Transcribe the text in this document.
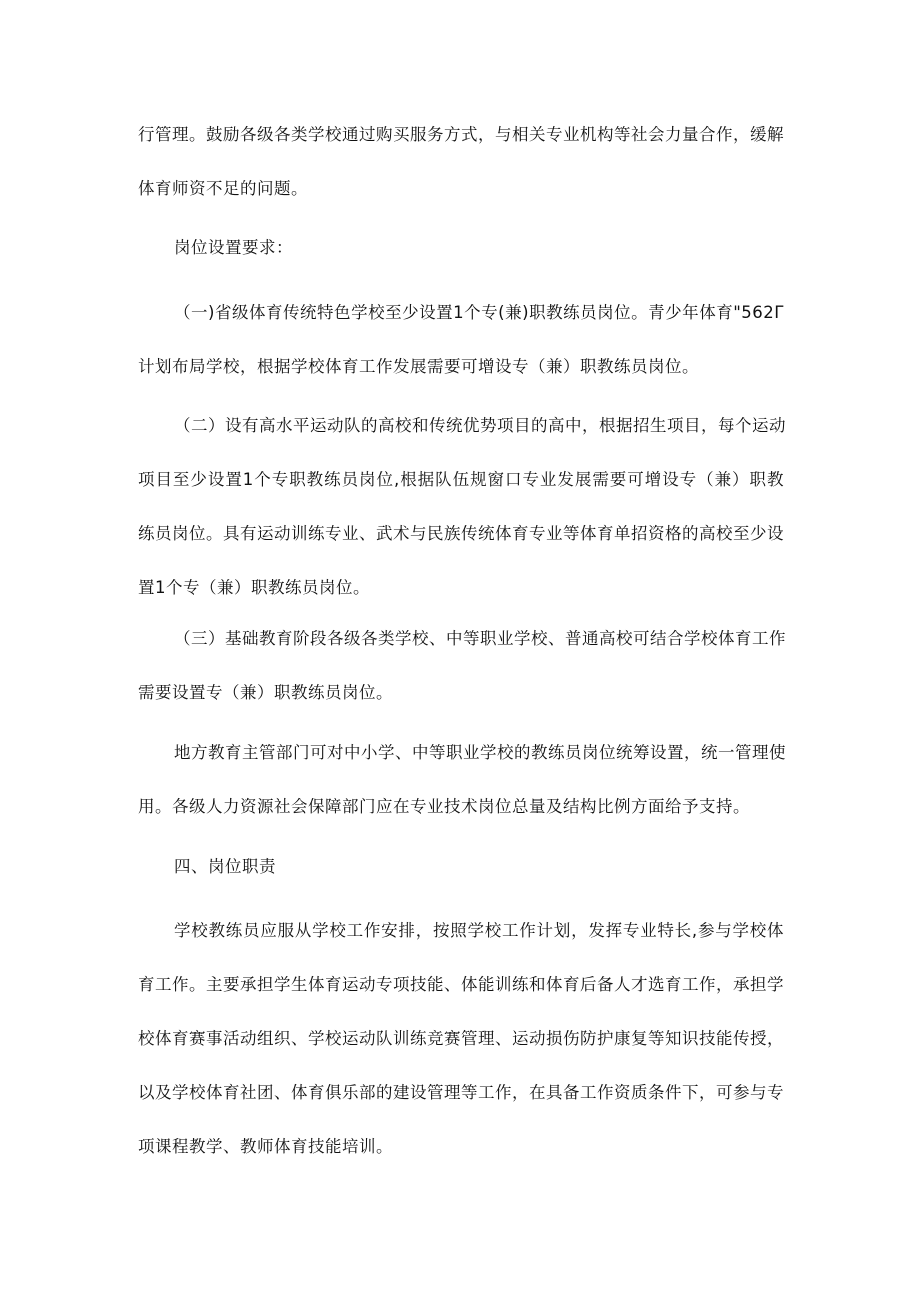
行管理。鼓励各级各类学校通过购买服务方式，与相关专业机构等社会力量合作，缓解
体育师资不足的问题。
岗位设置要求：
（一)省级体育传统特色学校至少设置1个专(兼)职教练员岗位。青少年体育"562Γ
计划布局学校，根据学校体育工作发展需要可增设专（兼）职教练员岗位。
（二）设有高水平运动队的高校和传统优势项目的高中，根据招生项目，每个运动
项目至少设置1个专职教练员岗位,根据队伍规窗口专业发展需要可增设专（兼）职教
练员岗位。具有运动训练专业、武术与民族传统体育专业等体育单招资格的高校至少设
置1个专（兼）职教练员岗位。
（三）基础教育阶段各级各类学校、中等职业学校、普通高校可结合学校体育工作
需要设置专（兼）职教练员岗位。
地方教育主管部门可对中小学、中等职业学校的教练员岗位统筹设置，统一管理使
用。各级人力资源社会保障部门应在专业技术岗位总量及结构比例方面给予支持。
四、岗位职责
学校教练员应服从学校工作安排，按照学校工作计划，发挥专业特长,参与学校体
育工作。主要承担学生体育运动专项技能、体能训练和体育后备人才选育工作，承担学
校体育赛事活动组织、学校运动队训练竞赛管理、运动损伤防护康复等知识技能传授，
以及学校体育社团、体育俱乐部的建设管理等工作，在具备工作资质条件下，可参与专
项课程教学、教师体育技能培训。
